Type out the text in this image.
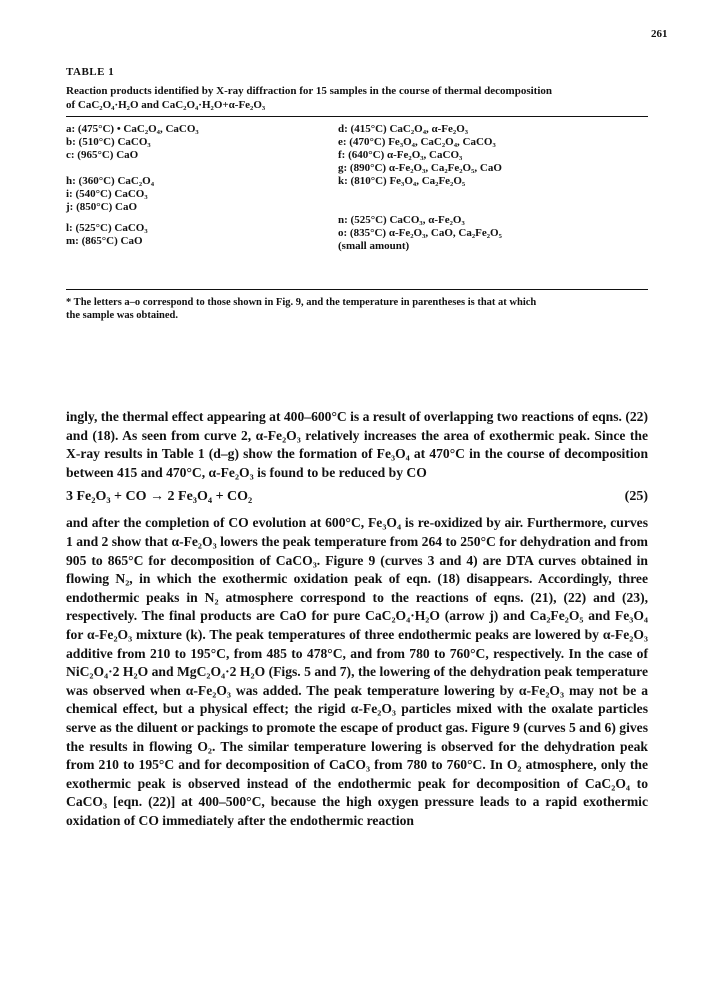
261
TABLE 1
Reaction products identified by X-ray diffraction for 15 samples in the course of thermal decomposition
of CaC₂O₄·H₂O and CaC₂O₄·H₂O+α-Fe₂O₃
a: (475°C) • CaC₂O₄, CaCO₃
b: (510°C) CaCO₃
c: (965°C) CaO
h: (360°C) CaC₂O₄
i: (540°C) CaCO₃
j: (850°C) CaO
l: (525°C) CaCO₃
m: (865°C) CaO
d: (415°C) CaC₂O₄, α-Fe₂O₃
e: (470°C) Fe₃O₄, CaC₂O₄, CaCO₃
f: (640°C) α-Fe₂O₃, CaCO₃
g: (890°C) α-Fe₂O₃, Ca₂Fe₂O₅, CaO
k: (810°C) Fe₃O₄, Ca₂Fe₂O₅
n: (525°C) CaCO₃, α-Fe₂O₃
o: (835°C) α-Fe₂O₃, CaO, Ca₂Fe₂O₅
(small amount)
* The letters a–o correspond to those shown in Fig. 9, and the temperature in parentheses is that at which
the sample was obtained.

ingly, the thermal effect appearing at 400–600°C is a result of overlapping two reactions of eqns. (22) and (18). As seen from curve 2, α-Fe₂O₃ relatively increases the area of exothermic peak. Since the X-ray results in Table 1 (d–g) show the formation of Fe₃O₄ at 470°C in the course of decomposition between 415 and 470°C, α-Fe₂O₃ is found to be reduced by CO

3 Fe₂O₃ + CO → 2 Fe₃O₄ + CO₂	(25)

and after the completion of CO evolution at 600°C, Fe₃O₄ is re-oxidized by air. Furthermore, curves 1 and 2 show that α-Fe₂O₃ lowers the peak temperature from 264 to 250°C for dehydration and from 905 to 865°C for decomposition of CaCO₃. Figure 9 (curves 3 and 4) are DTA curves obtained in flowing N₂, in which the exothermic oxidation peak of eqn. (18) disappears. Accordingly, three endothermic peaks in N₂ atmosphere correspond to the reactions of eqns. (21), (22) and (23), respectively. The final products are CaO for pure CaC₂O₄·H₂O (arrow j) and Ca₂Fe₂O₅ and Fe₃O₄ for α-Fe₂O₃ mixture (k). The peak temperatures of three endothermic peaks are lowered by α-Fe₂O₃ additive from 210 to 195°C, from 485 to 478°C, and from 780 to 760°C, respectively. In the case of NiC₂O₄·2 H₂O and MgC₂O₄·2 H₂O (Figs. 5 and 7), the lowering of the dehydration peak temperature was observed when α-Fe₂O₃ was added. The peak temperature lowering by α-Fe₂O₃ may not be a chemical effect, but a physical effect; the rigid α-Fe₂O₃ particles mixed with the oxalate particles serve as the diluent or packings to promote the escape of product gas. Figure 9 (curves 5 and 6) gives the results in flowing O₂. The similar temperature lowering is observed for the dehydration peak from 210 to 195°C and for decomposition of CaCO₃ from 780 to 760°C. In O₂ atmosphere, only the exothermic peak is observed instead of the endothermic peak for decomposition of CaC₂O₄ to CaCO₃ [eqn. (22)] at 400–500°C, because the high oxygen pressure leads to a rapid exothermic oxidation of CO immediately after the endothermic reaction
